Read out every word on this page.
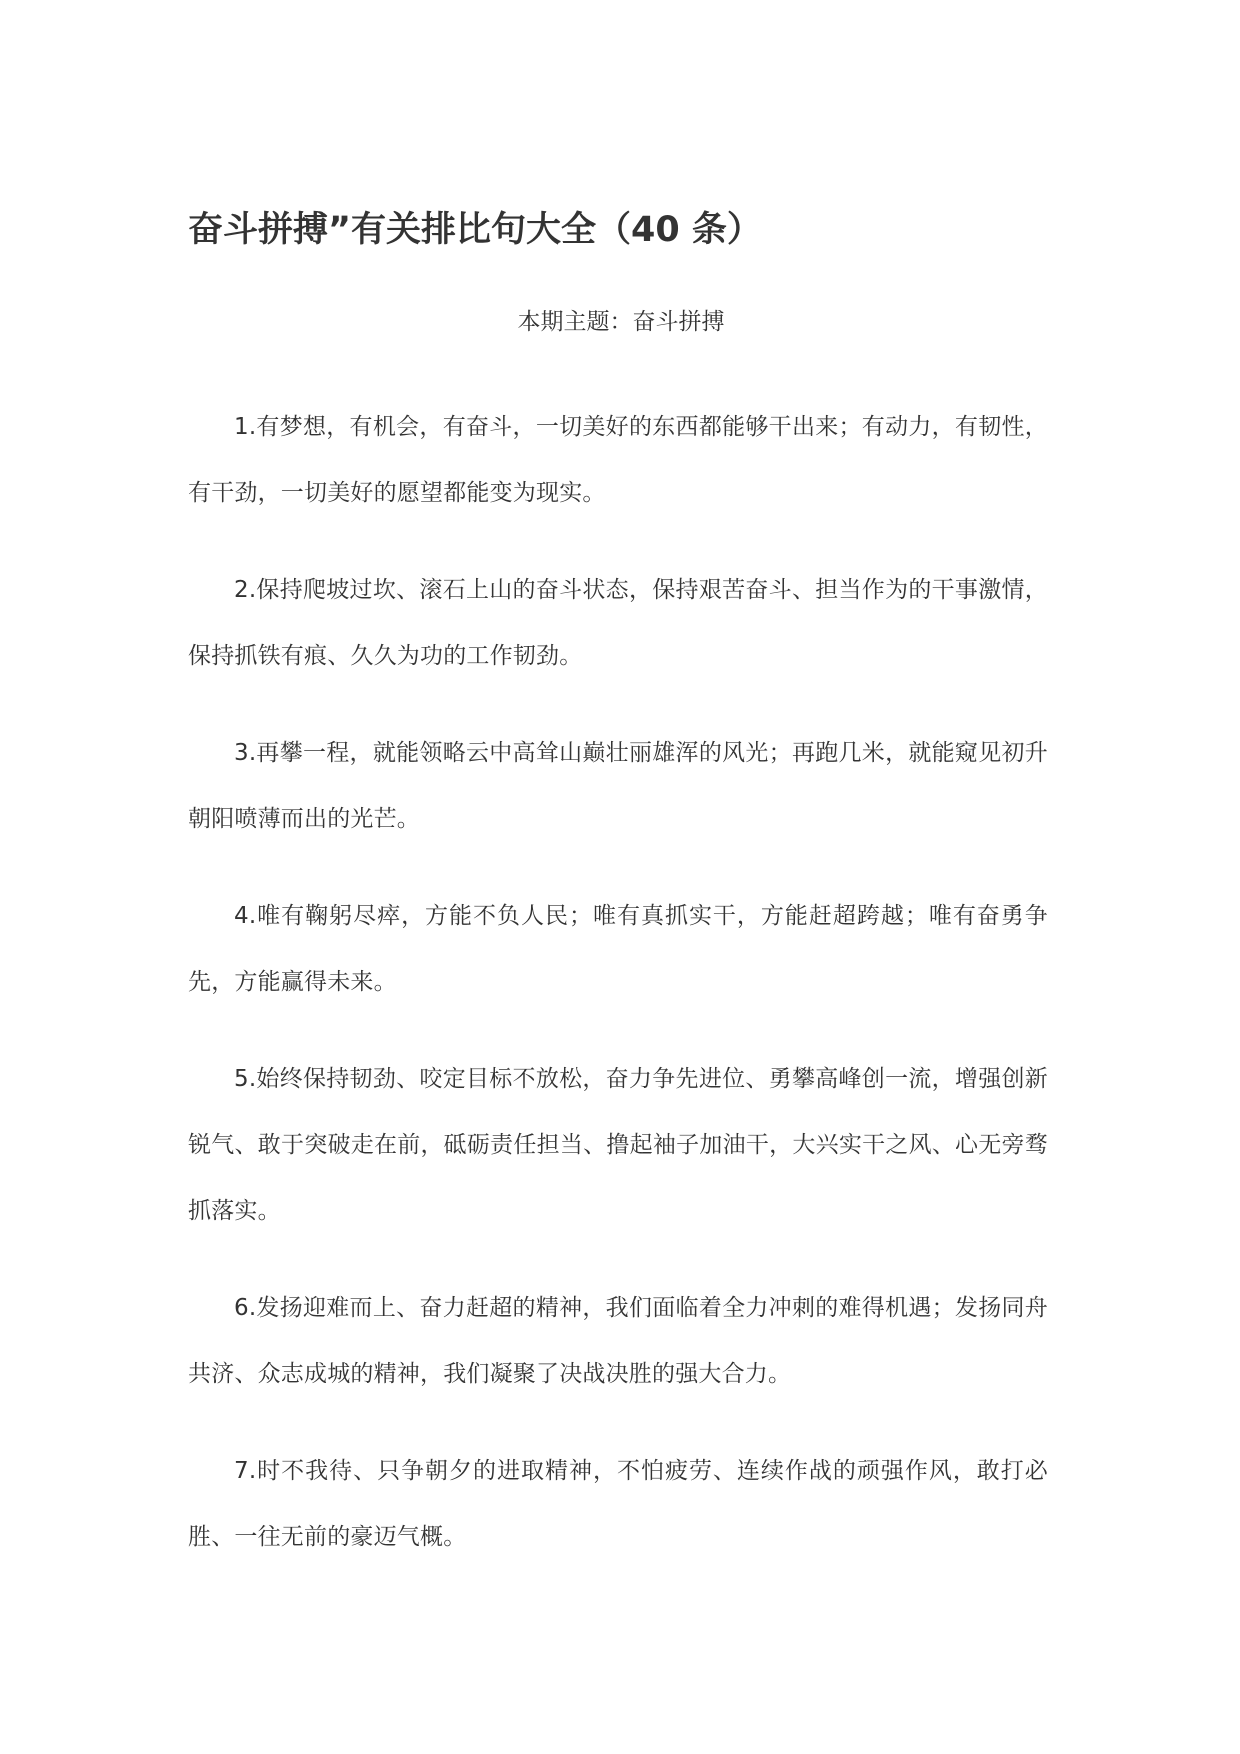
奋斗拼搏”有关排比句大全（40 条）

本期主题：奋斗拼搏

1.有梦想，有机会，有奋斗，一切美好的东西都能够干出来；有动力，有韧性，有干劲，一切美好的愿望都能变为现实。

2.保持爬坡过坎、滚石上山的奋斗状态，保持艰苦奋斗、担当作为的干事激情，保持抓铁有痕、久久为功的工作韧劲。

3.再攀一程，就能领略云中高耸山巅壮丽雄浑的风光；再跑几米，就能窥见初升朝阳喷薄而出的光芒。

4.唯有鞠躬尽瘁，方能不负人民；唯有真抓实干，方能赶超跨越；唯有奋勇争先，方能赢得未来。

5.始终保持韧劲、咬定目标不放松，奋力争先进位、勇攀高峰创一流，增强创新锐气、敢于突破走在前，砥砺责任担当、撸起袖子加油干，大兴实干之风、心无旁骛抓落实。

6.发扬迎难而上、奋力赶超的精神，我们面临着全力冲刺的难得机遇；发扬同舟共济、众志成城的精神，我们凝聚了决战决胜的强大合力。

7.时不我待、只争朝夕的进取精神，不怕疲劳、连续作战的顽强作风，敢打必胜、一往无前的豪迈气概。
